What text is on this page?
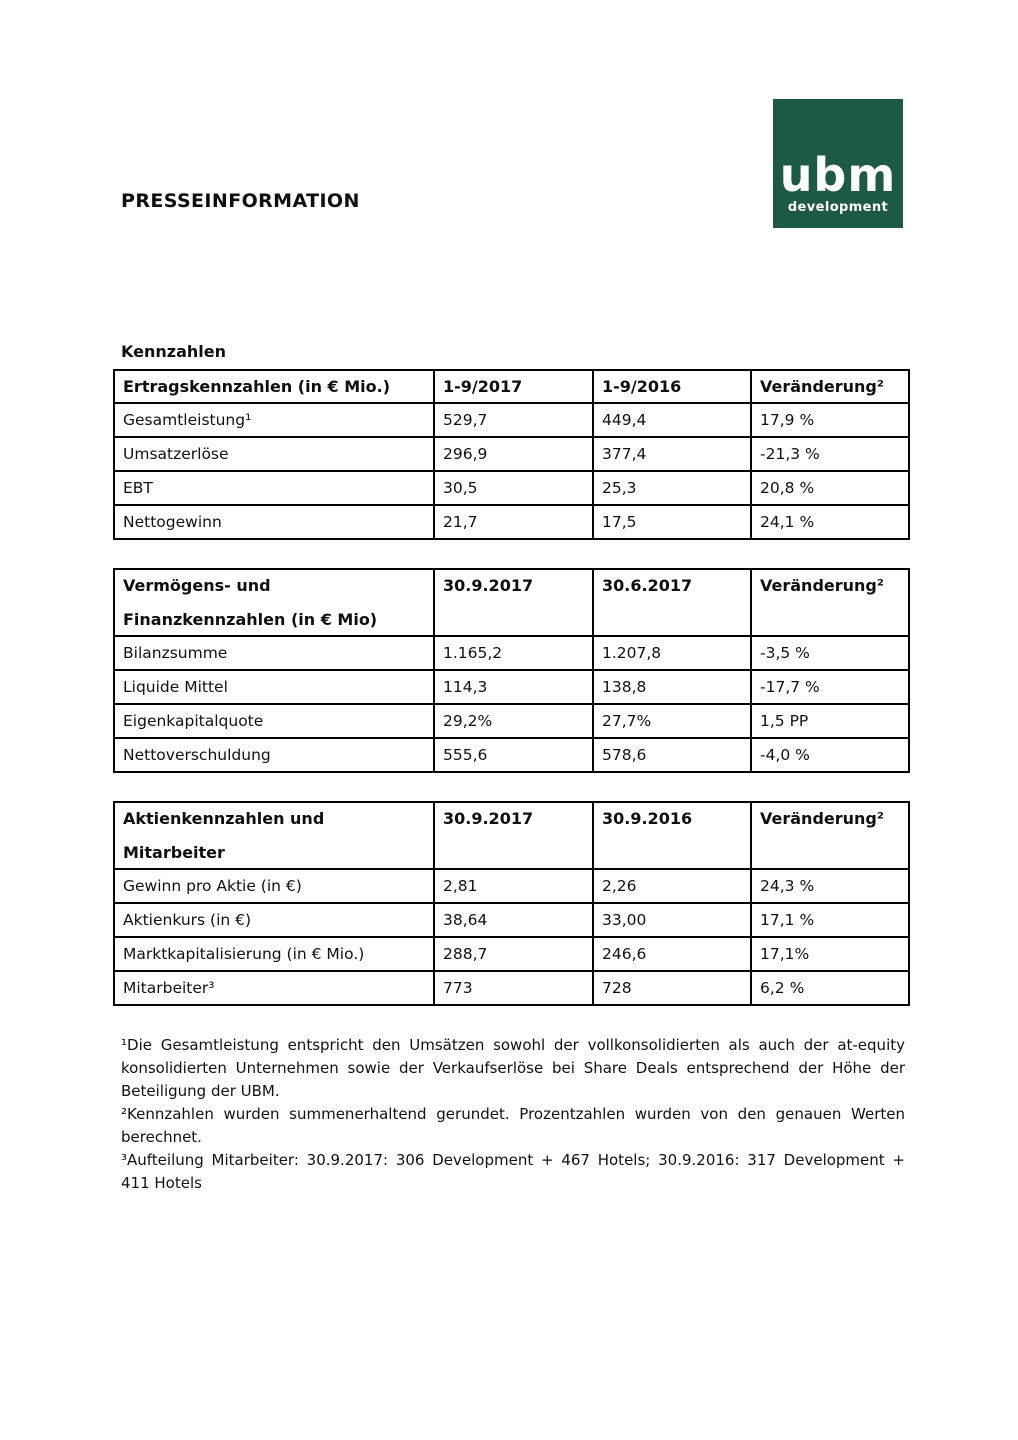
PRESSEINFORMATION	ubm
development
Kennzahlen
Ertragskennzahlen (in € Mio.)	1-9/2017	1-9/2016	Veränderung²

Gesamtleistung¹	529,7	449,4	17,9 %
Umsatzerlöse	296,9	377,4	-21,3 %
EBT	30,5	25,3	20,8 %
Nettogewinn	21,7	17,5	24,1 %
Vermögens- und
Finanzkennzahlen (in € Mio)	30.9.2017	30.6.2017	Veränderung²

Bilanzsumme	1.165,2	1.207,8	-3,5 %
Liquide Mittel	114,3	138,8	-17,7 %
Eigenkapitalquote	29,2%	27,7%	1,5 PP
Nettoverschuldung	555,6	578,6	-4,0 %
Aktienkennzahlen und
Mitarbeiter	30.9.2017	30.9.2016	Veränderung²

Gewinn pro Aktie (in €)	2,81	2,26	24,3 %
Aktienkurs (in €)	38,64	33,00	17,1 %
Marktkapitalisierung (in € Mio.)	288,7	246,6	17,1%
Mitarbeiter³	773	728	6,2 %

¹Die Gesamtleistung entspricht den Umsätzen sowohl der vollkonsolidierten als auch der at-equity konsolidierten Unternehmen sowie der Verkaufserlöse bei Share Deals entsprechend der Höhe der Beteiligung der UBM.

²Kennzahlen wurden summenerhaltend gerundet. Prozentzahlen wurden von den genauen Werten berechnet.

³Aufteilung Mitarbeiter: 30.9.2017: 306 Development + 467 Hotels; 30.9.2016: 317 Development + 411 Hotels
